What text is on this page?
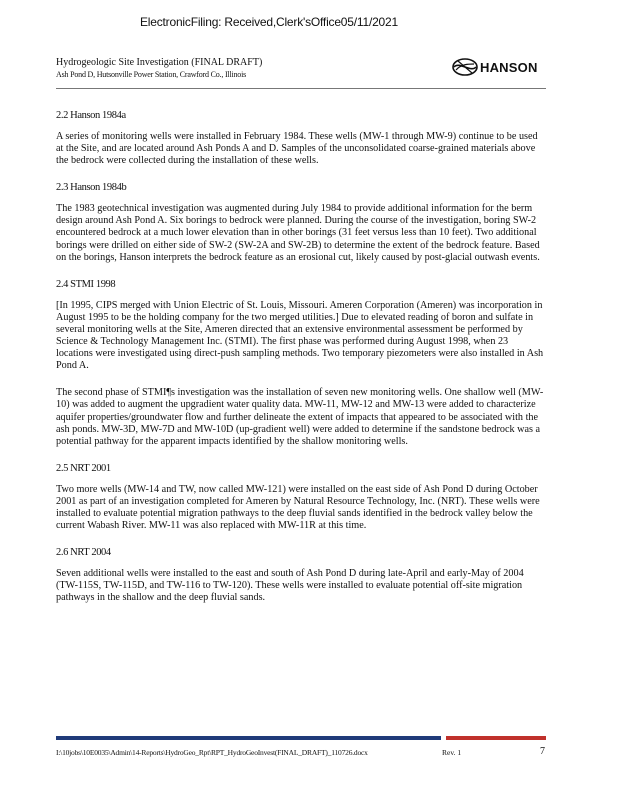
ElectronicFiling: Received,Clerk'sOffice05/11/2021
Hydrogeologic Site Investigation (FINAL DRAFT)
Ash Pond D, Hutsonville Power Station, Crawford Co., Illinois	HANSON
2.2 Hanson 1984a

A series of monitoring wells were installed in February 1984. These wells (MW-1 through MW-9) continue to be used at the Site, and are located around Ash Ponds A and D. Samples of the unconsolidated coarse-grained materials above the bedrock were collected during the installation of these wells.

2.3 Hanson 1984b

The 1983 geotechnical investigation was augmented during July 1984 to provide additional information for the berm design around Ash Pond A. Six borings to bedrock were planned. During the course of the investigation, boring SW-2 encountered bedrock at a much lower elevation than in other borings (31 feet versus less than 10 feet). Two additional borings were drilled on either side of SW-2 (SW-2A and SW-2B) to determine the extent of the bedrock feature. Based on the borings, Hanson interprets the bedrock feature as an erosional cut, likely caused by post-glacial outwash events.

2.4 STMI 1998

[In 1995, CIPS merged with Union Electric of St. Louis, Missouri. Ameren Corporation (Ameren) was incorporation in August 1995 to be the holding company for the two merged utilities.] Due to elevated reading of boron and sulfate in several monitoring wells at the Site, Ameren directed that an extensive environmental assessment be performed by Science & Technology Management Inc. (STMI). The first phase was performed during August 1998, when 23 locations were investigated using direct-push sampling methods. Two temporary piezometers were also installed in Ash Pond A.

The second phase of STMI¶s investigation was the installation of seven new monitoring wells. One shallow well (MW-10) was added to augment the upgradient water quality data. MW-11, MW-12 and MW-13 were added to characterize aquifer properties/groundwater flow and further delineate the extent of impacts that appeared to be associated with the ash ponds. MW-3D, MW-7D and MW-10D (up-gradient well) were added to determine if the sandstone bedrock was a potential pathway for the apparent impacts identified by the shallow monitoring wells.

2.5 NRT 2001

Two more wells (MW-14 and TW, now called MW-121) were installed on the east side of Ash Pond D during October 2001 as part of an investigation completed for Ameren by Natural Resource Technology, Inc. (NRT). These wells were installed to evaluate potential migration pathways to the deep fluvial sands identified in the bedrock valley below the current Wabash River. MW-11 was also replaced with MW-11R at this time.

2.6 NRT 2004

Seven additional wells were installed to the east and south of Ash Pond D during late-April and early-May of 2004 (TW-115S, TW-115D, and TW-116 to TW-120). These wells were installed to evaluate potential off-site migration pathways in the shallow and the deep fluvial sands.

I:\10jobs\10E0035\Admin\14-Reports\HydroGeo_Rpt\RPT_HydroGeoInvest(FINAL_DRAFT)_110726.docx	Rev. 1	7
